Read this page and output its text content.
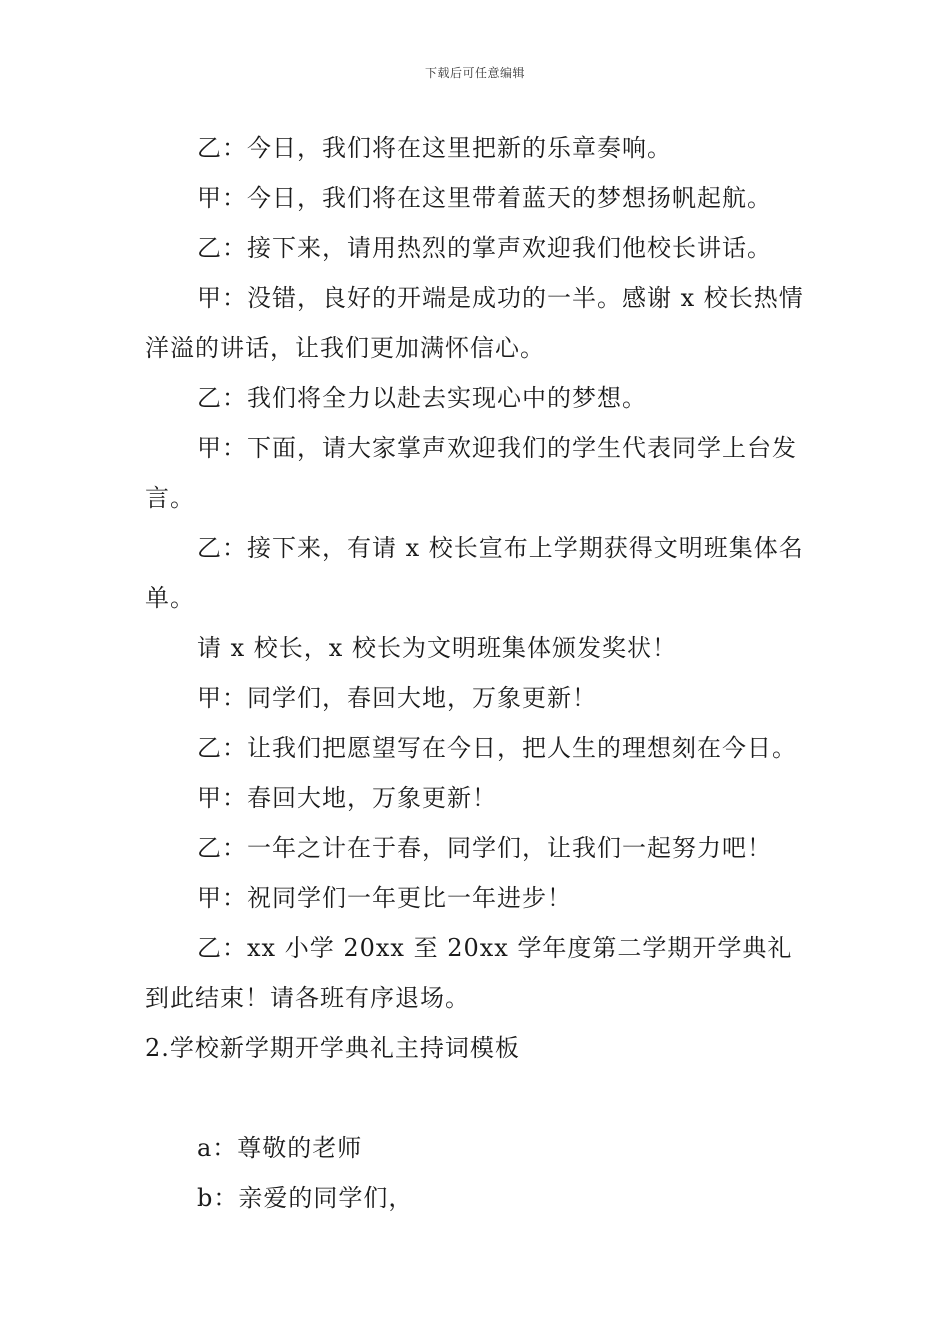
下载后可任意编辑

乙：今日，我们将在这里把新的乐章奏响。

甲：今日，我们将在这里带着蓝天的梦想扬帆起航。

乙：接下来，请用热烈的掌声欢迎我们他校长讲话。

甲：没错，良好的开端是成功的一半。感谢 x 校长热情洋溢的讲话，让我们更加满怀信心。

乙：我们将全力以赴去实现心中的梦想。

甲：下面，请大家掌声欢迎我们的学生代表同学上台发言。

乙：接下来，有请 x 校长宣布上学期获得文明班集体名单。

请 x 校长，x 校长为文明班集体颁发奖状！

甲：同学们，春回大地，万象更新！

乙：让我们把愿望写在今日，把人生的理想刻在今日。

甲：春回大地，万象更新！

乙：一年之计在于春，同学们，让我们一起努力吧！

甲：祝同学们一年更比一年进步！

乙：xx 小学 20xx 至 20xx 学年度第二学期开学典礼到此结束！请各班有序退场。

2.学校新学期开学典礼主持词模板

a：尊敬的老师

b：亲爱的同学们，
